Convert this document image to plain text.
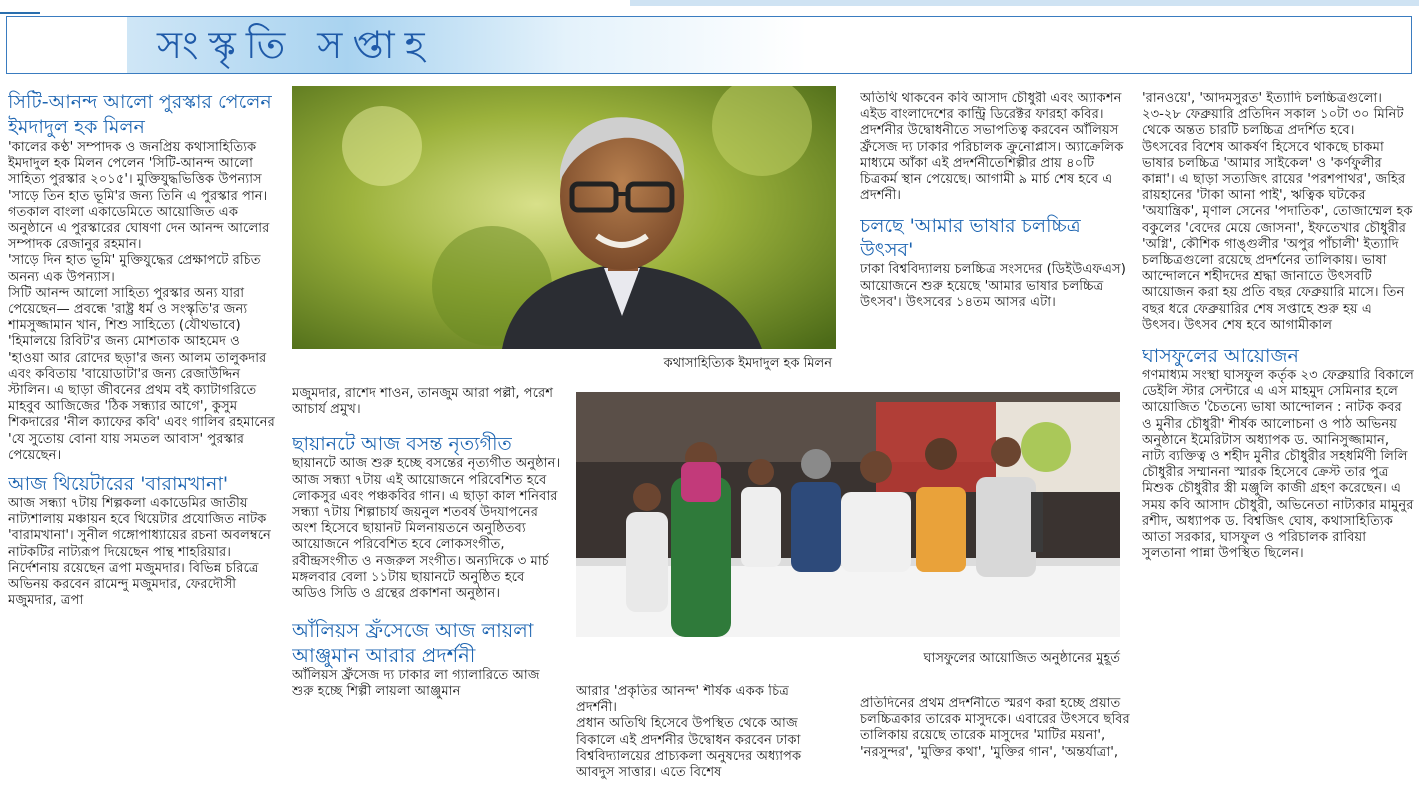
সংস্কৃতি সপ্তাহ
সিটি-আনন্দ আলো পুরস্কার পেলেন ইমদাদুল হক মিলন

'কালের কণ্ঠ' সম্পাদক ও জনপ্রিয় কথাসাহিত্যিক ইমদাদুল হক মিলন পেলেন 'সিটি-আনন্দ আলো সাহিত্য পুরস্কার ২০১৫'। মুক্তিযুদ্ধভিত্তিক উপন্যাস 'সাড়ে তিন হাত ভূমি'র জন্য তিনি এ পুরস্কার পান। গতকাল বাংলা একাডেমিতে আয়োজিত এক অনুষ্ঠানে এ পুরস্কারের ঘোষণা দেন আনন্দ আলোর সম্পাদক রেজানুর রহমান।

'সাড়ে দিন হাত ভূমি' মুক্তিযুদ্ধের প্রেক্ষাপটে রচিত অনন্য এক উপন্যাস।

সিটি আনন্দ আলো সাহিত্য পুরস্কার অন্য যারা পেয়েছেন— প্রবন্ধে 'রাষ্ট্র ধর্ম ও সংস্কৃতি'র জন্য শামসুজ্জামান খান, শিশু সাহিত্যে (যৌথভাবে) 'হিমালয়ে রিবিট'র জন্য মোশতাক আহমেদ ও 'হাওয়া আর রোদের ছড়া'র জন্য আলম তালুকদার এবং কবিতায় 'বায়োডাটা'র জন্য রেজাউদ্দিন স্টালিন। এ ছাড়া জীবনের প্রথম বই ক্যাটাগরিতে মাহবুব আজিজের 'ঠিক সন্ধ্যার আগে', কুসুম শিকদারের 'নীল ক্যাফের কবি' এবং গালিব রহমানের 'যে সুতোয় বোনা যায় সমতল আবাস' পুরস্কার পেয়েছেন।

আজ থিয়েটারের 'বারামখানা'

আজ সন্ধ্যা ৭টায় শিল্পকলা একাডেমির জাতীয় নাট্যশালায় মঞ্চায়ন হবে থিয়েটার প্রযোজিত নাটক 'বারামখানা'। সুনীল গঙ্গোপাধ্যায়ের রচনা অবলম্বনে নাটকটির নাট্যরূপ দিয়েছেন পান্থ শাহরিয়ার। নির্দেশনায় রয়েছেন ত্রপা মজুমদার। বিভিন্ন চরিত্রে অভিনয় করবেন রামেন্দু মজুমদার, ফেরদৌসী মজুমদার, ত্রপা

কথাসাহিত্যিক ইমদাদুল হক মিলন

মজুমদার, রাশেদ শাওন, তানজুম আরা পল্লী, পরেশ আচার্য প্রমুখ।

ছায়ানটে আজ বসন্ত নৃত্যগীত

ছায়ানটে আজ শুরু হচ্ছে বসন্তের নৃত্যগীত অনুষ্ঠান। আজ সন্ধ্যা ৭টায় এই আয়োজনে পরিবেশিত হবে লোকসুর এবং পঞ্চকবির গান। এ ছাড়া কাল শনিবার সন্ধ্যা ৭টায় শিল্পাচার্য জয়নুল শতবর্ষ উদযাপনের অংশ হিসেবে ছায়ানট মিলনায়তনে অনুষ্ঠিতব্য আয়োজনে পরিবেশিত হবে লোকসংগীত, রবীন্দ্রসংগীত ও নজরুল সংগীত। অন্যদিকে ৩ মার্চ মঙ্গলবার বেলা ১১টায় ছায়ানটে অনুষ্ঠিত হবে অডিও সিডি ও গ্রন্থের প্রকাশনা অনুষ্ঠান।

আঁলিয়স ফ্রঁসেজে আজ লায়লা আঞ্জুমান আরার প্রদর্শনী

আঁলিয়স ফ্রঁসেজ দ্য ঢাকার লা গ্যালারিতে আজ শুরু হচ্ছে শিল্পী লায়লা আঞ্জুমান

অতিথি থাকবেন কবি আসাদ চৌধুরী এবং অ্যাকশন এইড বাংলাদেশের কান্ট্রি ডিরেক্টর ফারহা কবির। প্রদর্শনীর উদ্বোধনীতে সভাপতিত্ব করবেন আঁলিয়স ফ্রঁসেজ দ্য ঢাকার পরিচালক ক্রুনোপ্লাস। অ্যাক্রেলিক মাধ্যমে আঁকা এই প্রদর্শনীতেশিল্পীর প্রায় ৪০টি চিত্রকর্ম স্থান পেয়েছে। আগামী ৯ মার্চ শেষ হবে এ প্রদর্শনী।

চলছে 'আমার ভাষার চলচ্চিত্র উৎসব'

ঢাকা বিশ্ববিদ্যালয় চলচ্চিত্র সংসদের (ডিইউএফএস) আয়োজনে শুরু হয়েছে 'আমার ভাষার চলচ্চিত্র উৎসব'। উৎসবের ১৪তম আসর এটা।

'রানওয়ে', 'আদমসুরত' ইত্যাদি চলচ্চিত্রগুলো। ২৩-২৮ ফেব্রুয়ারি প্রতিদিন সকাল ১০টা ৩০ মিনিট থেকে অন্তত চারটি চলচ্চিত্র প্রদর্শিত হবে।

উৎসবের বিশেষ আকর্ষণ হিসেবে থাকছে চাকমা ভাষার চলচ্চিত্র 'আমার সাইকেল' ও 'কর্ণফুলীর কান্না'। এ ছাড়া সত্যজিৎ রায়ের 'পরশপাথর', জহির রায়হানের 'টাকা আনা পাই', ঋত্বিক ঘটকের 'অযান্ত্রিক', মৃণাল সেনের 'পদাতিক', তোজাম্মেল হক বকুলের 'বেদের মেয়ে জোসনা', ইফতেখার চৌধুরীর 'অগ্নি', কৌশিক গাঙ্গুলীর 'অপুর পাঁচালী' ইত্যাদি চলচ্চিত্রগুলো রয়েছে প্রদর্শনের তালিকায়। ভাষা আন্দোলনে শহীদদের শ্রদ্ধা জানাতে উৎসবটি আয়োজন করা হয় প্রতি বছর ফেব্রুয়ারি মাসে। তিন বছর ধরে ফেব্রুয়ারির শেষ সপ্তাহে শুরু হয় এ উৎসব। উৎসব শেষ হবে আগামীকাল

ঘাসফুলের আয়োজন

গণমাধ্যম সংস্থা ঘাসফুল কর্তৃক ২৩ ফেব্রুয়ারি বিকালে ডেইলি স্টার সেন্টারে এ এস মাহমুদ সেমিনার হলে আয়োজিত 'চৈতন্যে ভাষা আন্দোলন : নাটক কবর ও মুনীর চৌধুরী' শীর্ষক আলোচনা ও পাঠ অভিনয় অনুষ্ঠানে ইমেরিটাস অধ্যাপক ড. আনিসুজ্জামান, নাট্য ব্যক্তিত্ব ও শহীদ মুনীর চৌধুরীর সহধর্মিণী লিলি চৌধুরীর সম্মাননা স্মারক হিসেবে ক্রেস্ট তার পুত্র মিশুক চৌধুরীর স্ত্রী মঞ্জুলি কাজী গ্রহণ করেছেন। এ সময় কবি আসাদ চৌধুরী, অভিনেতা নাট্যকার মামুনুর রশীদ, অধ্যাপক ড. বিশ্বজিৎ ঘোষ, কথাসাহিত্যিক আতা সরকার, ঘাসফুল ও পরিচালক রাবিয়া সুলতানা পান্না উপস্থিত ছিলেন।

ঘাসফুলের আয়োজিত অনুষ্ঠানের মুহূর্ত

আরার 'প্রকৃতির আনন্দ' শীর্ষক একক চিত্র প্রদর্শনী।

প্রধান অতিথি হিসেবে উপস্থিত থেকে আজ বিকালে এই প্রদর্শনীর উদ্বোধন করবেন ঢাকা বিশ্ববিদ্যালয়ের প্রাচ্যকলা অনুষদের অধ্যাপক আবদুস সাত্তার। এতে বিশেষ

প্রতিদিনের প্রথম প্রদর্শনীতে স্মরণ করা হচ্ছে প্রয়াত চলচ্চিত্রকার তারেক মাসুদকে। এবারের উৎসবে ছবির তালিকায় রয়েছে তারেক মাসুদের 'মাটির ময়না', 'নরসুন্দর', 'মুক্তির কথা', 'মুক্তির গান', 'অন্তর্যাত্রা',
